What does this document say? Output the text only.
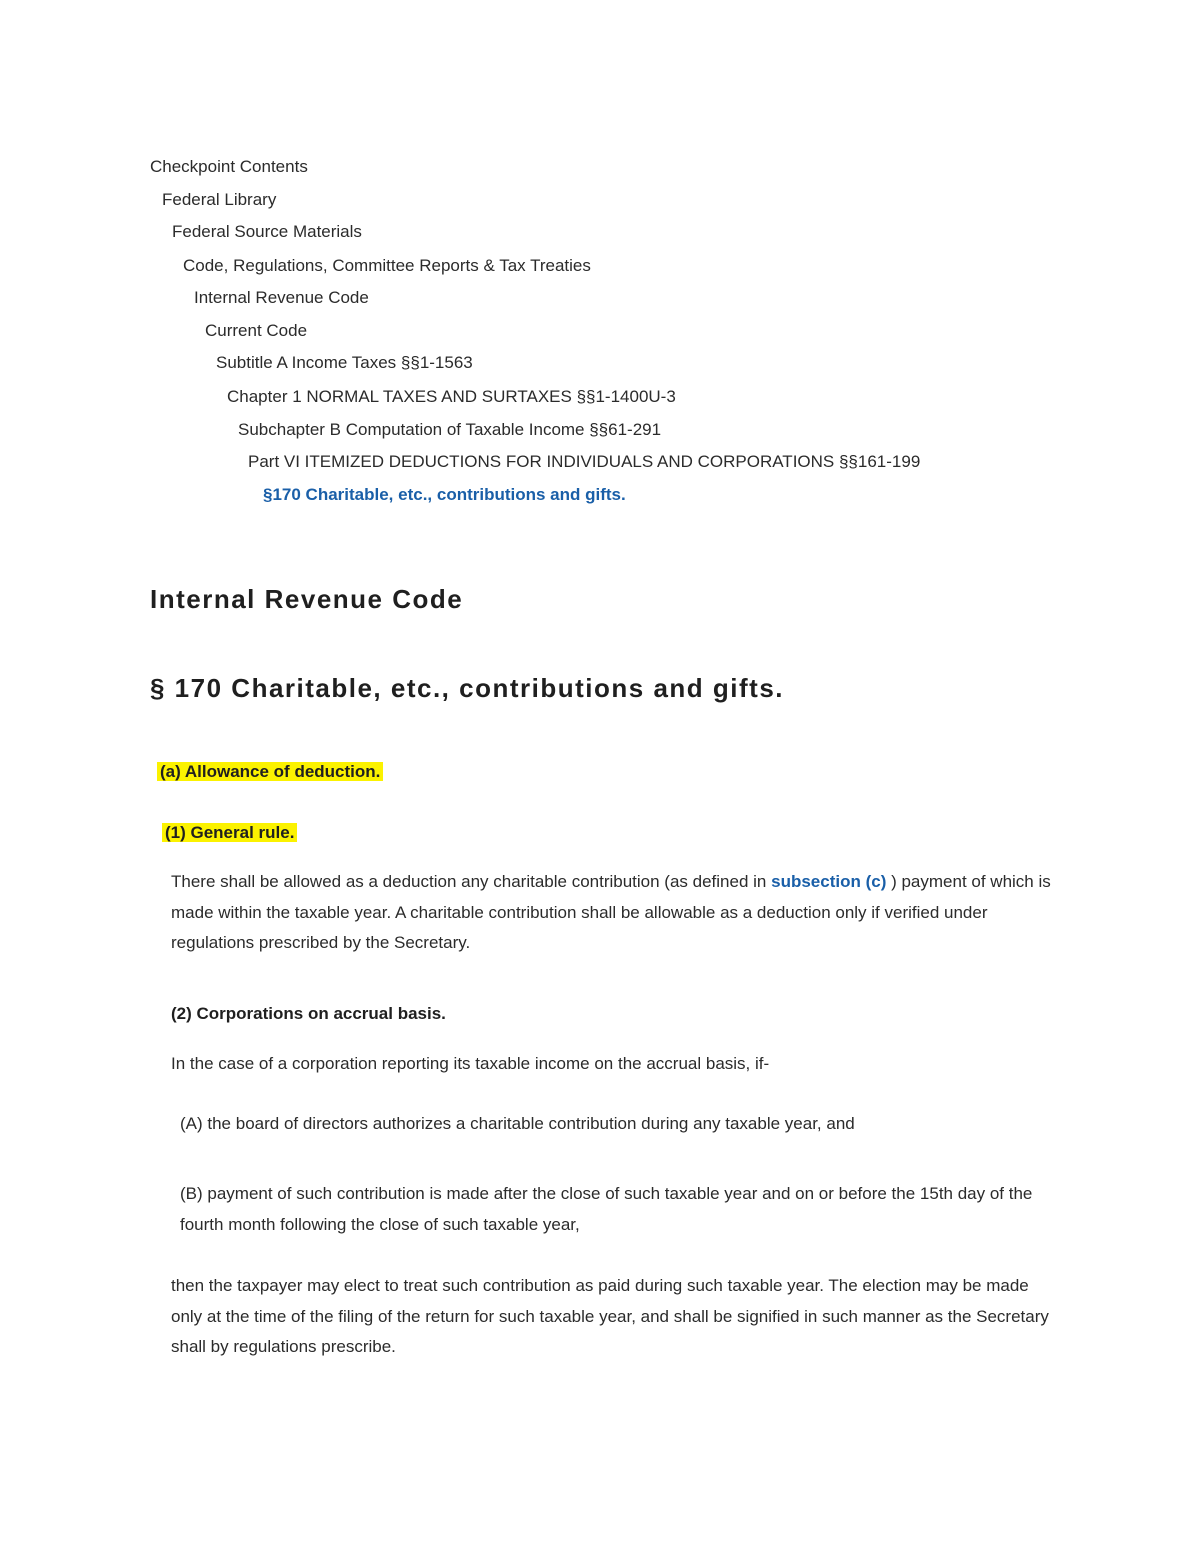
Checkpoint Contents
Federal Library
Federal Source Materials
Code, Regulations, Committee Reports & Tax Treaties
Internal Revenue Code
Current Code
Subtitle A Income Taxes §§1-1563
Chapter 1 NORMAL TAXES AND SURTAXES §§1-1400U-3
Subchapter B Computation of Taxable Income §§61-291
Part VI ITEMIZED DEDUCTIONS FOR INDIVIDUALS AND CORPORATIONS §§161-199
§170 Charitable, etc., contributions and gifts.
Internal Revenue Code
§ 170 Charitable, etc., contributions and gifts.
(a) Allowance of deduction.
(1) General rule.
There shall be allowed as a deduction any charitable contribution (as defined in subsection (c) ) payment of which is made within the taxable year. A charitable contribution shall be allowable as a deduction only if verified under regulations prescribed by the Secretary.
(2) Corporations on accrual basis.
In the case of a corporation reporting its taxable income on the accrual basis, if-
(A) the board of directors authorizes a charitable contribution during any taxable year, and
(B) payment of such contribution is made after the close of such taxable year and on or before the 15th day of the fourth month following the close of such taxable year,
then the taxpayer may elect to treat such contribution as paid during such taxable year. The election may be made only at the time of the filing of the return for such taxable year, and shall be signified in such manner as the Secretary shall by regulations prescribe.
